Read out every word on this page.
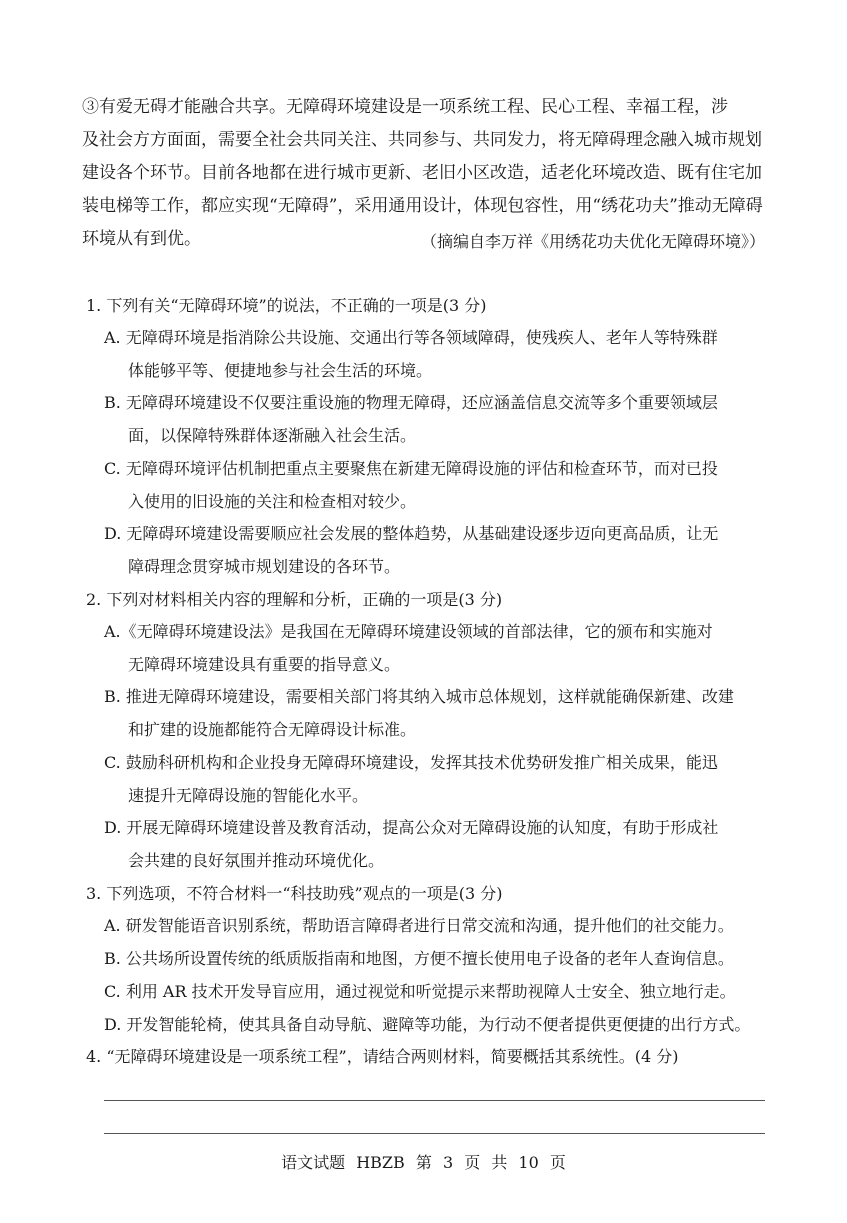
③有爱无碍才能融合共享。无障碍环境建设是一项系统工程、民心工程、幸福工程，涉
及社会方方面面，需要全社会共同关注、共同参与、共同发力，将无障碍理念融入城市规划
建设各个环节。目前各地都在进行城市更新、老旧小区改造，适老化环境改造、既有住宅加
装电梯等工作，都应实现“无障碍”，采用通用设计，体现包容性，用“绣花功夫”推动无障碍
环境从有到优。	（摘编自李万祥《用绣花功夫优化无障碍环境》）
1. 下列有关“无障碍环境”的说法，不正确的一项是(3 分)
A. 无障碍环境是指消除公共设施、交通出行等各领域障碍，使残疾人、老年人等特殊群
体能够平等、便捷地参与社会生活的环境。
B. 无障碍环境建设不仅要注重设施的物理无障碍，还应涵盖信息交流等多个重要领域层
面，以保障特殊群体逐渐融入社会生活。
C. 无障碍环境评估机制把重点主要聚焦在新建无障碍设施的评估和检查环节，而对已投
入使用的旧设施的关注和检查相对较少。
D. 无障碍环境建设需要顺应社会发展的整体趋势，从基础建设逐步迈向更高品质，让无
障碍理念贯穿城市规划建设的各环节。
2. 下列对材料相关内容的理解和分析，正确的一项是(3 分)
A.《无障碍环境建设法》是我国在无障碍环境建设领域的首部法律，它的颁布和实施对
无障碍环境建设具有重要的指导意义。
B. 推进无障碍环境建设，需要相关部门将其纳入城市总体规划，这样就能确保新建、改建
和扩建的设施都能符合无障碍设计标准。
C. 鼓励科研机构和企业投身无障碍环境建设，发挥其技术优势研发推广相关成果，能迅
速提升无障碍设施的智能化水平。
D. 开展无障碍环境建设普及教育活动，提高公众对无障碍设施的认知度，有助于形成社
会共建的良好氛围并推动环境优化。
3. 下列选项，不符合材料一“科技助残”观点的一项是(3 分)
A. 研发智能语音识别系统，帮助语言障碍者进行日常交流和沟通，提升他们的社交能力。
B. 公共场所设置传统的纸质版指南和地图，方便不擅长使用电子设备的老年人查询信息。
C. 利用 AR 技术开发导盲应用，通过视觉和听觉提示来帮助视障人士安全、独立地行走。
D. 开发智能轮椅，使其具备自动导航、避障等功能，为行动不便者提供更便捷的出行方式。
4. “无障碍环境建设是一项系统工程”，请结合两则材料，简要概括其系统性。(4 分)
语文试题 HBZB 第 3 页 共 10 页
